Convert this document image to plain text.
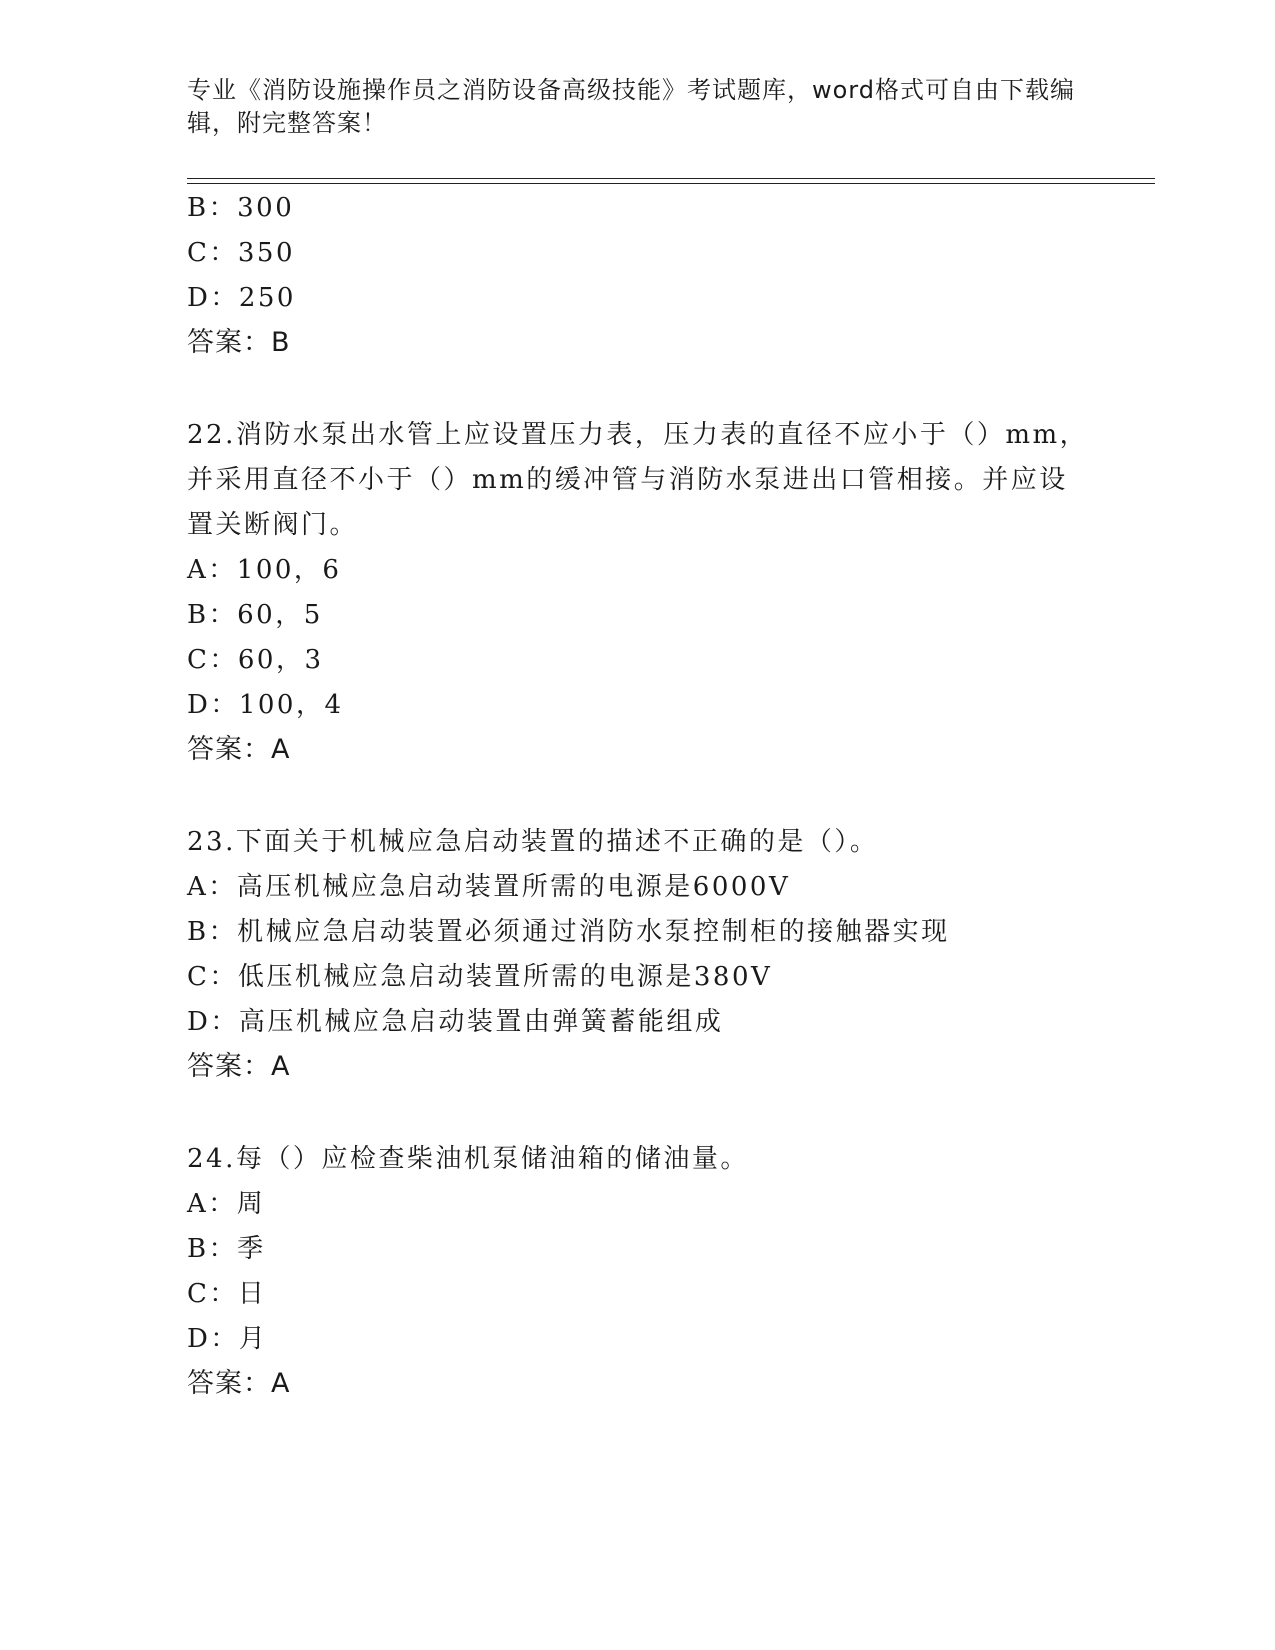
专业《消防设施操作员之消防设备高级技能》考试题库，word格式可自由下载编
辑，附完整答案！
B：300
C：350
D：250
答案：B
22.消防水泵出水管上应设置压力表，压力表的直径不应小于（）mm，
并采用直径不小于（）mm的缓冲管与消防水泵进出口管相接。并应设
置关断阀门。
A：100，6
B：60，5
C：60，3
D：100，4
答案：A
23.下面关于机械应急启动装置的描述不正确的是（）。
A：高压机械应急启动装置所需的电源是6000V
B：机械应急启动装置必须通过消防水泵控制柜的接触器实现
C：低压机械应急启动装置所需的电源是380V
D：高压机械应急启动装置由弹簧蓄能组成
答案：A
24.每（）应检查柴油机泵储油箱的储油量。
A：周
B：季
C：日
D：月
答案：A
